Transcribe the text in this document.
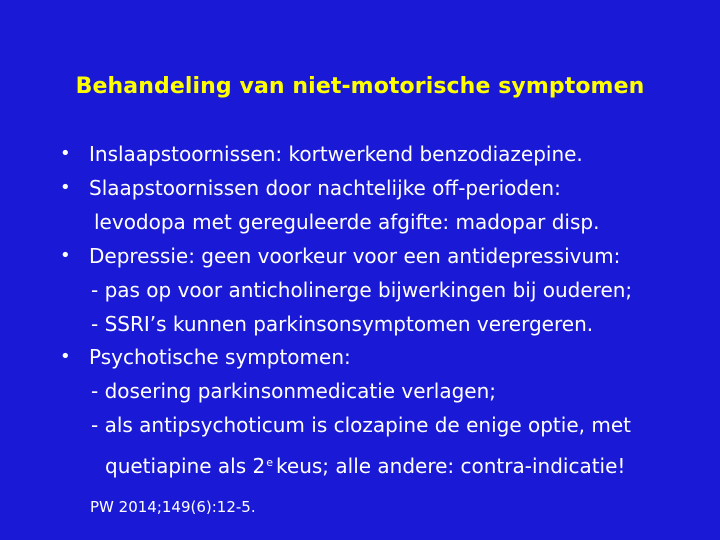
Behandeling van niet-motorische symptomen
•
•
•
•
Inslaapstoornissen: kortwerkend benzodiazepine.
Slaapstoornissen door nachtelijke off-perioden:
levodopa met gereguleerde afgifte: madopar disp.
Depressie: geen voorkeur voor een antidepressivum:
- pas op voor anticholinerge bijwerkingen bij ouderen;
- SSRI’s kunnen parkinsonsymptomen verergeren.
Psychotische symptomen:
- dosering parkinsonmedicatie verlagen;
- als antipsychoticum is clozapine de enige optie, met
quetiapine als 2e keus; alle andere: contra-indicatie!
PW 2014;149(6):12-5.
